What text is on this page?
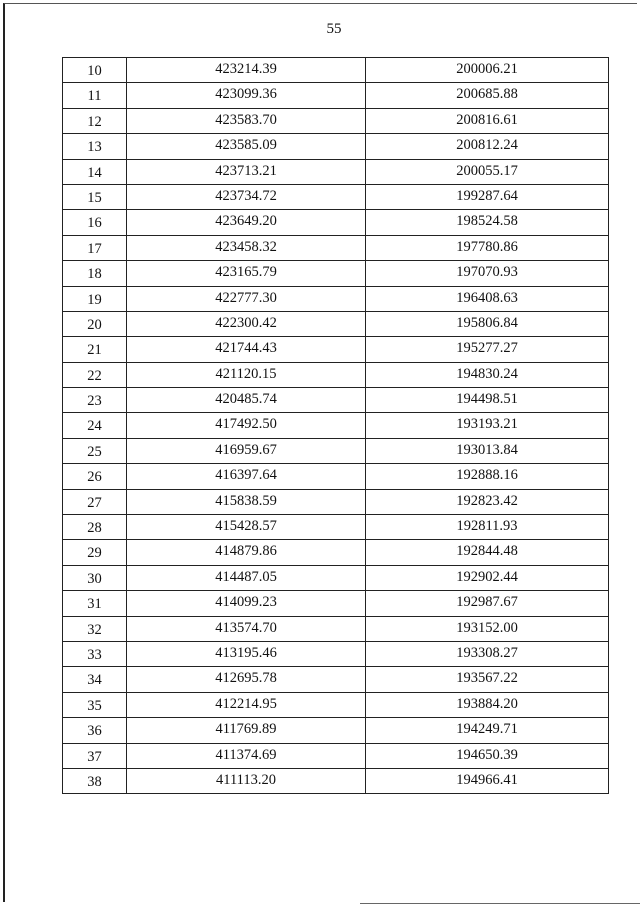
55
10	423214.39	200006.21
11	423099.36	200685.88
12	423583.70	200816.61
13	423585.09	200812.24
14	423713.21	200055.17
15	423734.72	199287.64
16	423649.20	198524.58
17	423458.32	197780.86
18	423165.79	197070.93
19	422777.30	196408.63
20	422300.42	195806.84
21	421744.43	195277.27
22	421120.15	194830.24
23	420485.74	194498.51
24	417492.50	193193.21
25	416959.67	193013.84
26	416397.64	192888.16
27	415838.59	192823.42
28	415428.57	192811.93
29	414879.86	192844.48
30	414487.05	192902.44
31	414099.23	192987.67
32	413574.70	193152.00
33	413195.46	193308.27
34	412695.78	193567.22
35	412214.95	193884.20
36	411769.89	194249.71
37	411374.69	194650.39
38	411113.20	194966.41
